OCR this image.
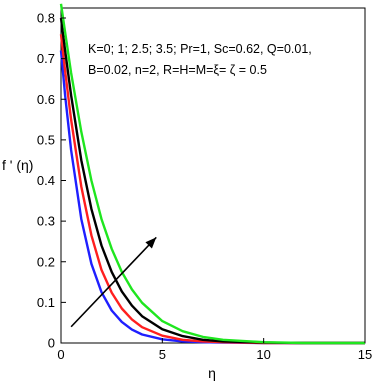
0
0.1
0.2
0.3
0.4
0.5
0.6
0.7
0.8
0	5	10	15
f ' (η)
η
K=0; 1; 2.5; 3.5; Pr=1, Sc=0.62, Q=0.01,
B=0.02, n=2, R=H=M=ξ= ζ = 0.5
